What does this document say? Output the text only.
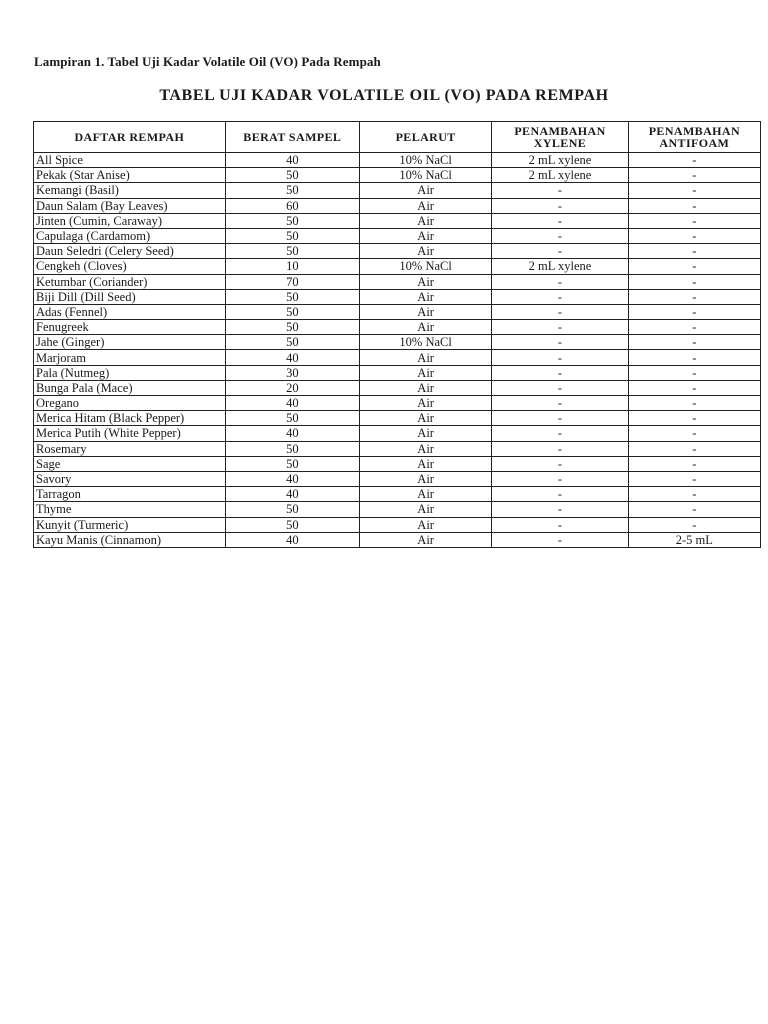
Lampiran 1. Tabel Uji Kadar Volatile Oil (VO) Pada Rempah
TABEL UJI KADAR VOLATILE OIL (VO) PADA REMPAH
DAFTAR REMPAH	BERAT SAMPEL	PELARUT	PENAMBAHAN XYLENE	PENAMBAHAN ANTIFOAM
All Spice	40	10% NaCl	2 mL xylene	-
Pekak (Star Anise)	50	10% NaCl	2 mL xylene	-
Kemangi (Basil)	50	Air	-	-
Daun Salam (Bay Leaves)	60	Air	-	-
Jinten (Cumin, Caraway)	50	Air	-	-
Capulaga (Cardamom)	50	Air	-	-
Daun Seledri (Celery Seed)	50	Air	-	-
Cengkeh (Cloves)	10	10% NaCl	2 mL xylene	-
Ketumbar (Coriander)	70	Air	-	-
Biji Dill (Dill Seed)	50	Air	-	-
Adas (Fennel)	50	Air	-	-
Fenugreek	50	Air	-	-
Jahe (Ginger)	50	10% NaCl	-	-
Marjoram	40	Air	-	-
Pala (Nutmeg)	30	Air	-	-
Bunga Pala (Mace)	20	Air	-	-
Oregano	40	Air	-	-
Merica Hitam (Black Pepper)	50	Air	-	-
Merica Putih (White Pepper)	40	Air	-	-
Rosemary	50	Air	-	-
Sage	50	Air	-	-
Savory	40	Air	-	-
Tarragon	40	Air	-	-
Thyme	50	Air	-	-
Kunyit (Turmeric)	50	Air	-	-
Kayu Manis (Cinnamon)	40	Air	-	2-5 mL
